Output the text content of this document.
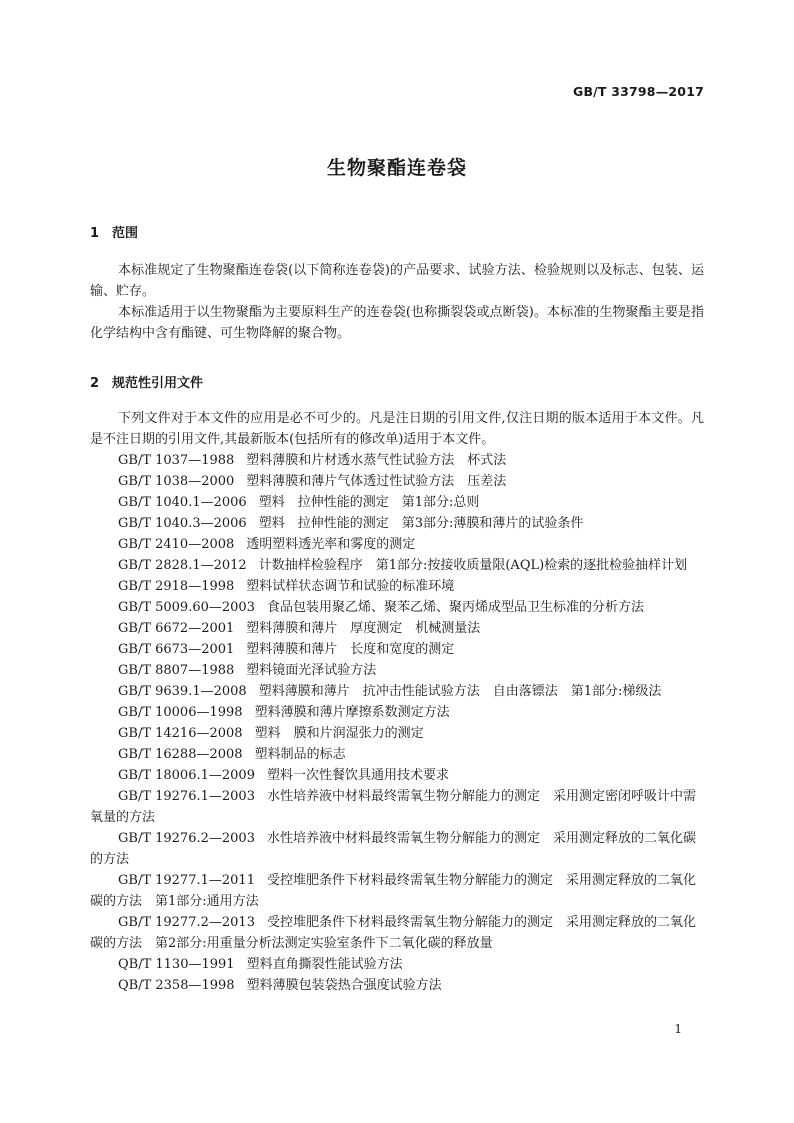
GB/T 33798—2017
生物聚酯连卷袋
1 范围

本标准规定了生物聚酯连卷袋(以下简称连卷袋)的产品要求、试验方法、检验规则以及标志、包装、运输、贮存。

本标准适用于以生物聚酯为主要原料生产的连卷袋(也称撕裂袋或点断袋)。本标准的生物聚酯主要是指化学结构中含有酯键、可生物降解的聚合物。

2 规范性引用文件

下列文件对于本文件的应用是必不可少的。凡是注日期的引用文件,仅注日期的版本适用于本文件。凡是不注日期的引用文件,其最新版本(包括所有的修改单)适用于本文件。

GB/T 1037—1988 塑料薄膜和片材透水蒸气性试验方法　杯式法

GB/T 1038—2000 塑料薄膜和薄片气体透过性试验方法　压差法

GB/T 1040.1—2006 塑料　拉伸性能的测定　第1部分:总则

GB/T 1040.3—2006 塑料　拉伸性能的测定　第3部分:薄膜和薄片的试验条件

GB/T 2410—2008 透明塑料透光率和雾度的测定

GB/T 2828.1—2012 计数抽样检验程序　第1部分:按接收质量限(AQL)检索的逐批检验抽样计划

GB/T 2918—1998 塑料试样状态调节和试验的标准环境

GB/T 5009.60—2003 食品包装用聚乙烯、聚苯乙烯、聚丙烯成型品卫生标准的分析方法

GB/T 6672—2001 塑料薄膜和薄片　厚度测定　机械测量法

GB/T 6673—2001 塑料薄膜和薄片　长度和宽度的测定

GB/T 8807—1988 塑料镜面光泽试验方法

GB/T 9639.1—2008 塑料薄膜和薄片　抗冲击性能试验方法　自由落镖法　第1部分:梯级法

GB/T 10006—1998 塑料薄膜和薄片摩擦系数测定方法

GB/T 14216—2008 塑料　膜和片润湿张力的测定

GB/T 16288—2008 塑料制品的标志

GB/T 18006.1—2009 塑料一次性餐饮具通用技术要求

GB/T 19276.1—2003 水性培养液中材料最终需氧生物分解能力的测定　采用测定密闭呼吸计中需氧量的方法

GB/T 19276.2—2003 水性培养液中材料最终需氧生物分解能力的测定　采用测定释放的二氧化碳的方法

GB/T 19277.1—2011 受控堆肥条件下材料最终需氧生物分解能力的测定　采用测定释放的二氧化碳的方法　第1部分:通用方法

GB/T 19277.2—2013 受控堆肥条件下材料最终需氧生物分解能力的测定　采用测定释放的二氧化碳的方法　第2部分:用重量分析法测定实验室条件下二氧化碳的释放量

QB/T 1130—1991 塑料直角撕裂性能试验方法

QB/T 2358—1998 塑料薄膜包装袋热合强度试验方法

1
